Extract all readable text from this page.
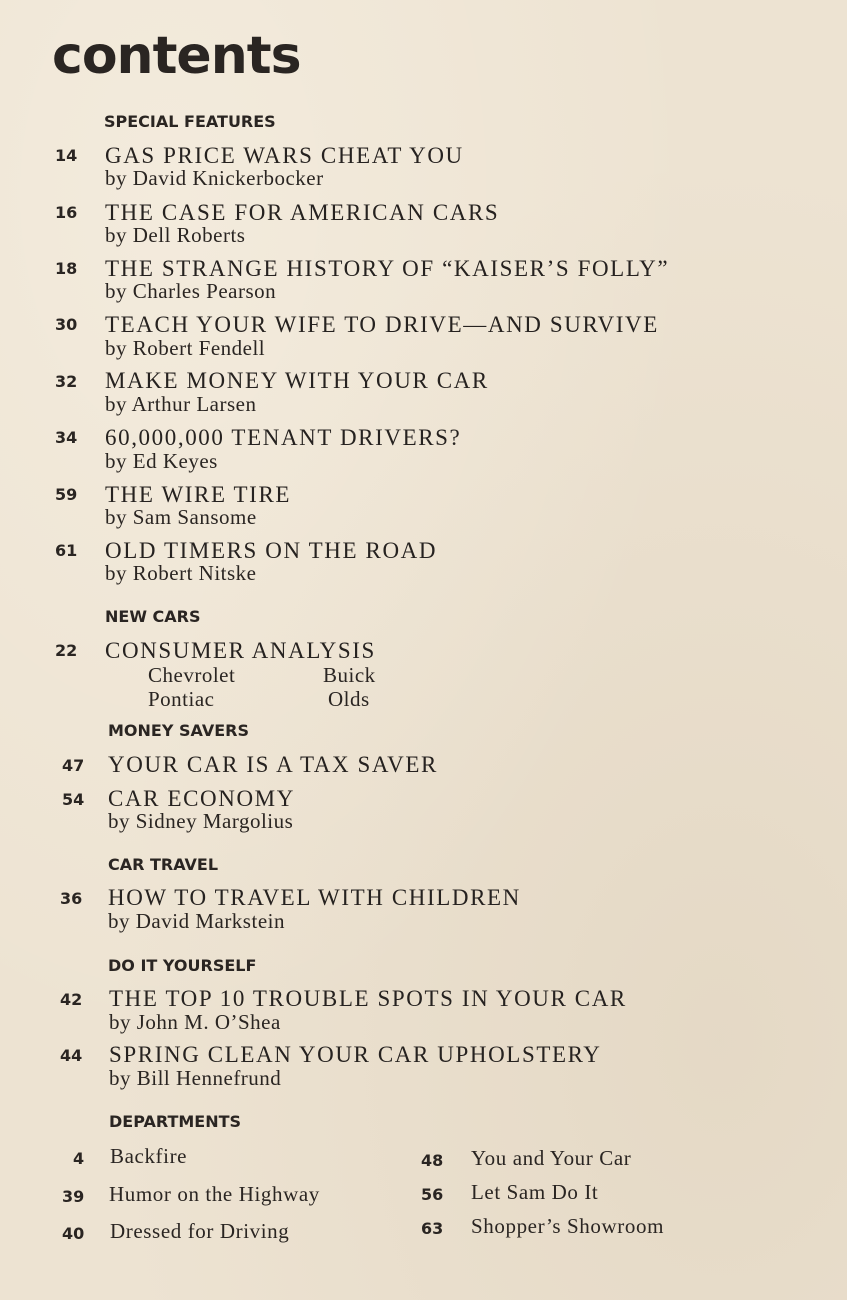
contents
SPECIAL FEATURES
14 GAS PRICE WARS CHEAT YOU
by David Knickerbocker
16 THE CASE FOR AMERICAN CARS
by Dell Roberts
18 THE STRANGE HISTORY OF “KAISER’S FOLLY”
by Charles Pearson
30 TEACH YOUR WIFE TO DRIVE—AND SURVIVE
by Robert Fendell
32 MAKE MONEY WITH YOUR CAR
by Arthur Larsen
34 60,000,000 TENANT DRIVERS?
by Ed Keyes
59 THE WIRE TIRE
by Sam Sansome
61 OLD TIMERS ON THE ROAD
by Robert Nitske
NEW CARS
22 CONSUMER ANALYSIS
Chevrolet	Buick
Pontiac	Olds
MONEY SAVERS
47 YOUR CAR IS A TAX SAVER
54 CAR ECONOMY
by Sidney Margolius
CAR TRAVEL
36 HOW TO TRAVEL WITH CHILDREN
by David Markstein
DO IT YOURSELF
42 THE TOP 10 TROUBLE SPOTS IN YOUR CAR
by John M. O’Shea
44 SPRING CLEAN YOUR CAR UPHOLSTERY
by Bill Hennefrund
DEPARTMENTS
4 Backfire
39 Humor on the Highway
40 Dressed for Driving
48 You and Your Car
56 Let Sam Do It
63 Shopper’s Showroom
